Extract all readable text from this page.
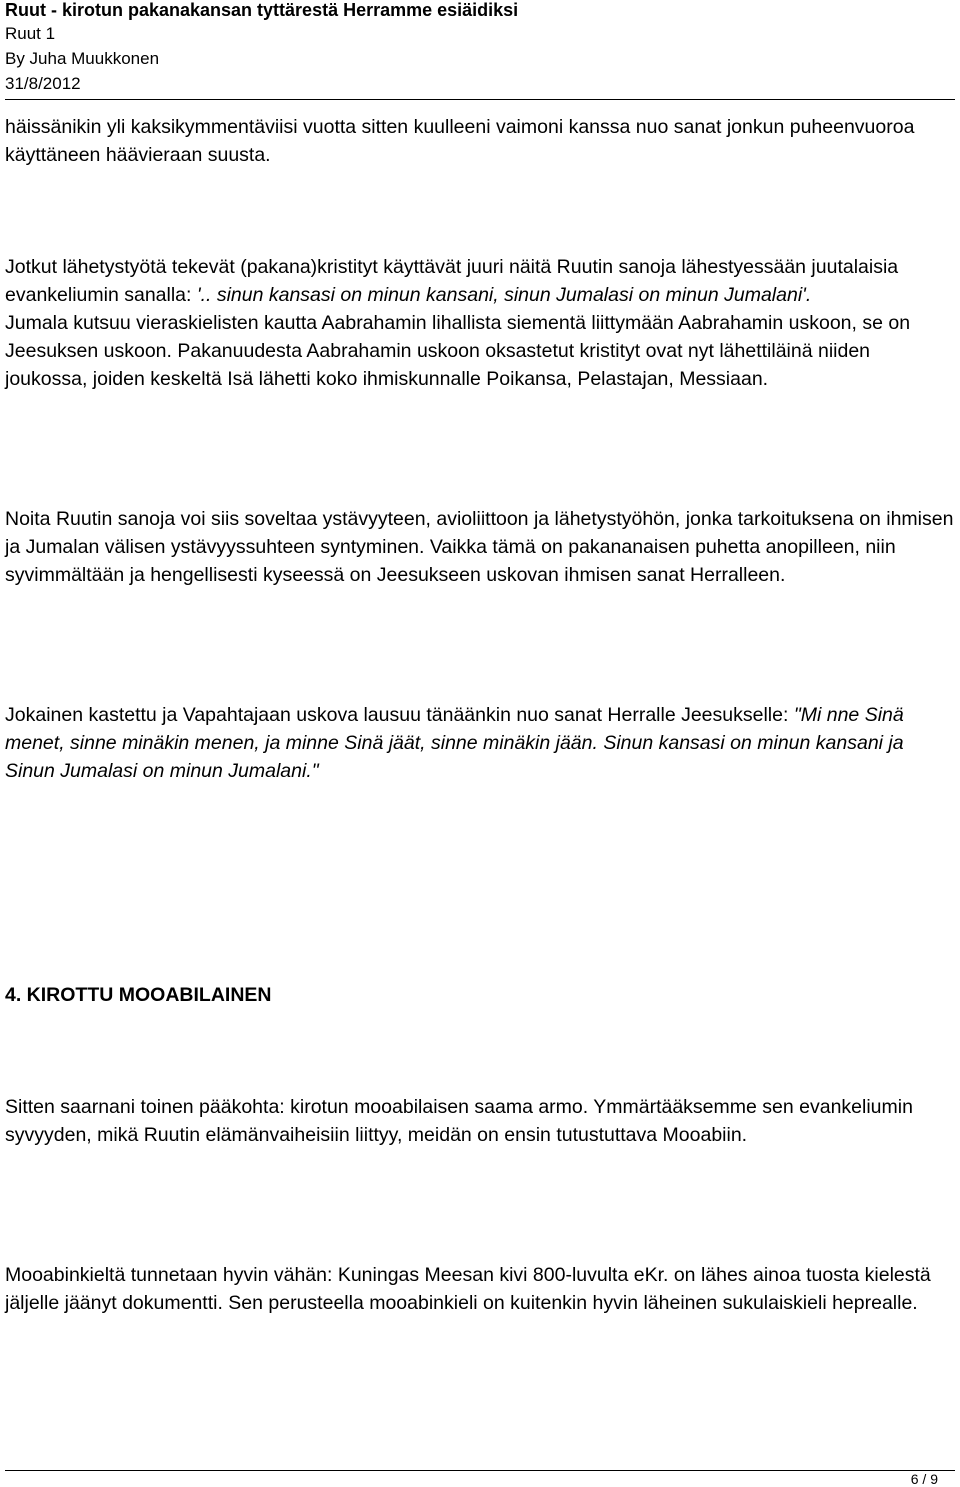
Ruut - kirotun pakanakansan tyttärestä Herramme esiäidiksi
Ruut 1
By Juha Muukkonen
31/8/2012

häissänikin yli kaksikymmentäviisi vuotta sitten kuulleeni vaimoni kanssa nuo sanat jonkun puheenvuoroa käyttäneen häävieraan suusta.

Jotkut lähetystyötä tekevät (pakana)kristityt käyttävät juuri näitä Ruutin sanoja lähestyessään juutalaisia evankeliumin sanalla: '.. sinun kansasi on minun kansani, sinun Jumalasi on minun Jumalani'.Jumala kutsuu vieraskielisten kautta Aabrahamin lihallista siementä liittymään Aabrahamin uskoon, se on Jeesuksen uskoon. Pakanuudesta Aabrahamin uskoon oksastetut kristityt ovat nyt lähettiläinä niiden joukossa, joiden keskeltä Isä lähetti koko ihmiskunnalle Poikansa, Pelastajan, Messiaan.

Noita Ruutin sanoja voi siis soveltaa ystävyyteen, avioliittoon ja lähetystyöhön, jonka tarkoituksena on ihmisen ja Jumalan välisen ystävyyssuhteen syntyminen. Vaikka tämä on pakananaisen puhetta anopilleen, niin syvimmältään ja hengellisesti kyseessä on Jeesukseen uskovan ihmisen sanat Herralleen.

Jokainen kastettu ja Vapahtajaan uskova lausuu tänäänkin nuo sanat Herralle Jeesukselle: "Mi nne Sinä menet, sinne minäkin menen, ja minne Sinä jäät, sinne minäkin jään. Sinun kansasi on minun kansani ja Sinun Jumalasi on minun Jumalani."

4. KIROTTU MOOABILAINEN

Sitten saarnani toinen pääkohta: kirotun mooabilaisen saama armo. Ymmärtääksemme sen evankeliumin syvyyden, mikä Ruutin elämänvaiheisiin liittyy, meidän on ensin tutustuttava Mooabiin.

Mooabinkieltä tunnetaan hyvin vähän: Kuningas Meesan kivi 800-luvulta eKr. on lähes ainoa tuosta kielestä jäljelle jäänyt dokumentti. Sen perusteella mooabinkieli on kuitenkin hyvin läheinen sukulaiskieli heprealle.

6 / 9
